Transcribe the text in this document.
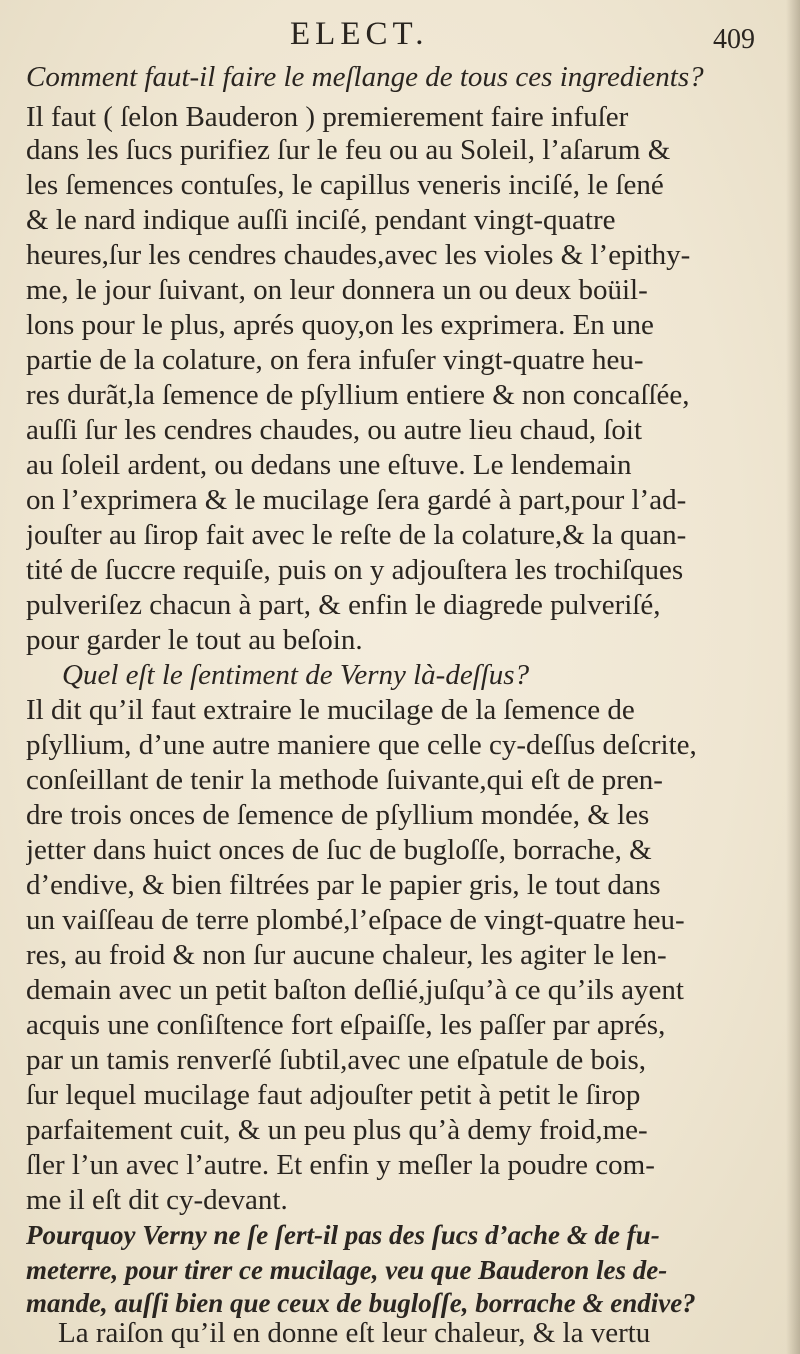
ELECT.	409
Comment faut-il faire le meſlange de tous ces ingredients?
Il faut ( ſelon Bauderon ) premierement faire infuſer
dans les ſucs purifiez ſur le feu ou au Soleil, l’aſarum &
les ſemences contuſes, le capillus veneris inciſé, le ſené
& le nard indique auſſi inciſé, pendant vingt-quatre
heures,ſur les cendres chaudes,avec les violes & l’epithy-
me, le jour ſuivant, on leur donnera un ou deux boüil-
lons pour le plus, aprés quoy,on les exprimera. En une
partie de la colature, on fera infuſer vingt-quatre heu-
res durãt,la ſemence de pſyllium entiere & non concaſſée,
auſſi ſur les cendres chaudes, ou autre lieu chaud, ſoit
au ſoleil ardent, ou dedans une eſtuve. Le lendemain
on l’exprimera & le mucilage ſera gardé à part,pour l’ad-
jouſter au ſirop fait avec le reſte de la colature,& la quan-
tité de ſuccre requiſe, puis on y adjouſtera les trochiſques
pulveriſez chacun à part, & enfin le diagrede pulveriſé,
pour garder le tout au beſoin.
Quel eſt le ſentiment de Verny là-deſſus?
Il dit qu’il faut extraire le mucilage de la ſemence de
pſyllium, d’une autre maniere que celle cy-deſſus deſcrite,
conſeillant de tenir la methode ſuivante,qui eſt de pren-
dre trois onces de ſemence de pſyllium mondée, & les
jetter dans huict onces de ſuc de bugloſſe, borrache, &
d’endive, & bien filtrées par le papier gris, le tout dans
un vaiſſeau de terre plombé,l’eſpace de vingt-quatre heu-
res, au froid & non ſur aucune chaleur, les agiter le len-
demain avec un petit baſton deſlié,juſqu’à ce qu’ils ayent
acquis une conſiſtence fort eſpaiſſe, les paſſer par aprés,
par un tamis renverſé ſubtil,avec une eſpatule de bois,
ſur lequel mucilage faut adjouſter petit à petit le ſirop
parfaitement cuit, & un peu plus qu’à demy froid,me-
ſler l’un avec l’autre. Et enfin y meſler la poudre com-
me il eſt dit cy-devant.
Pourquoy Verny ne ſe ſert-il pas des ſucs d’ache & de fu-
meterre, pour tirer ce mucilage, veu que Bauderon les de-
mande, auſſi bien que ceux de bugloſſe, borrache & endive?
La raiſon qu’il en donne eſt leur chaleur, & la vertu
